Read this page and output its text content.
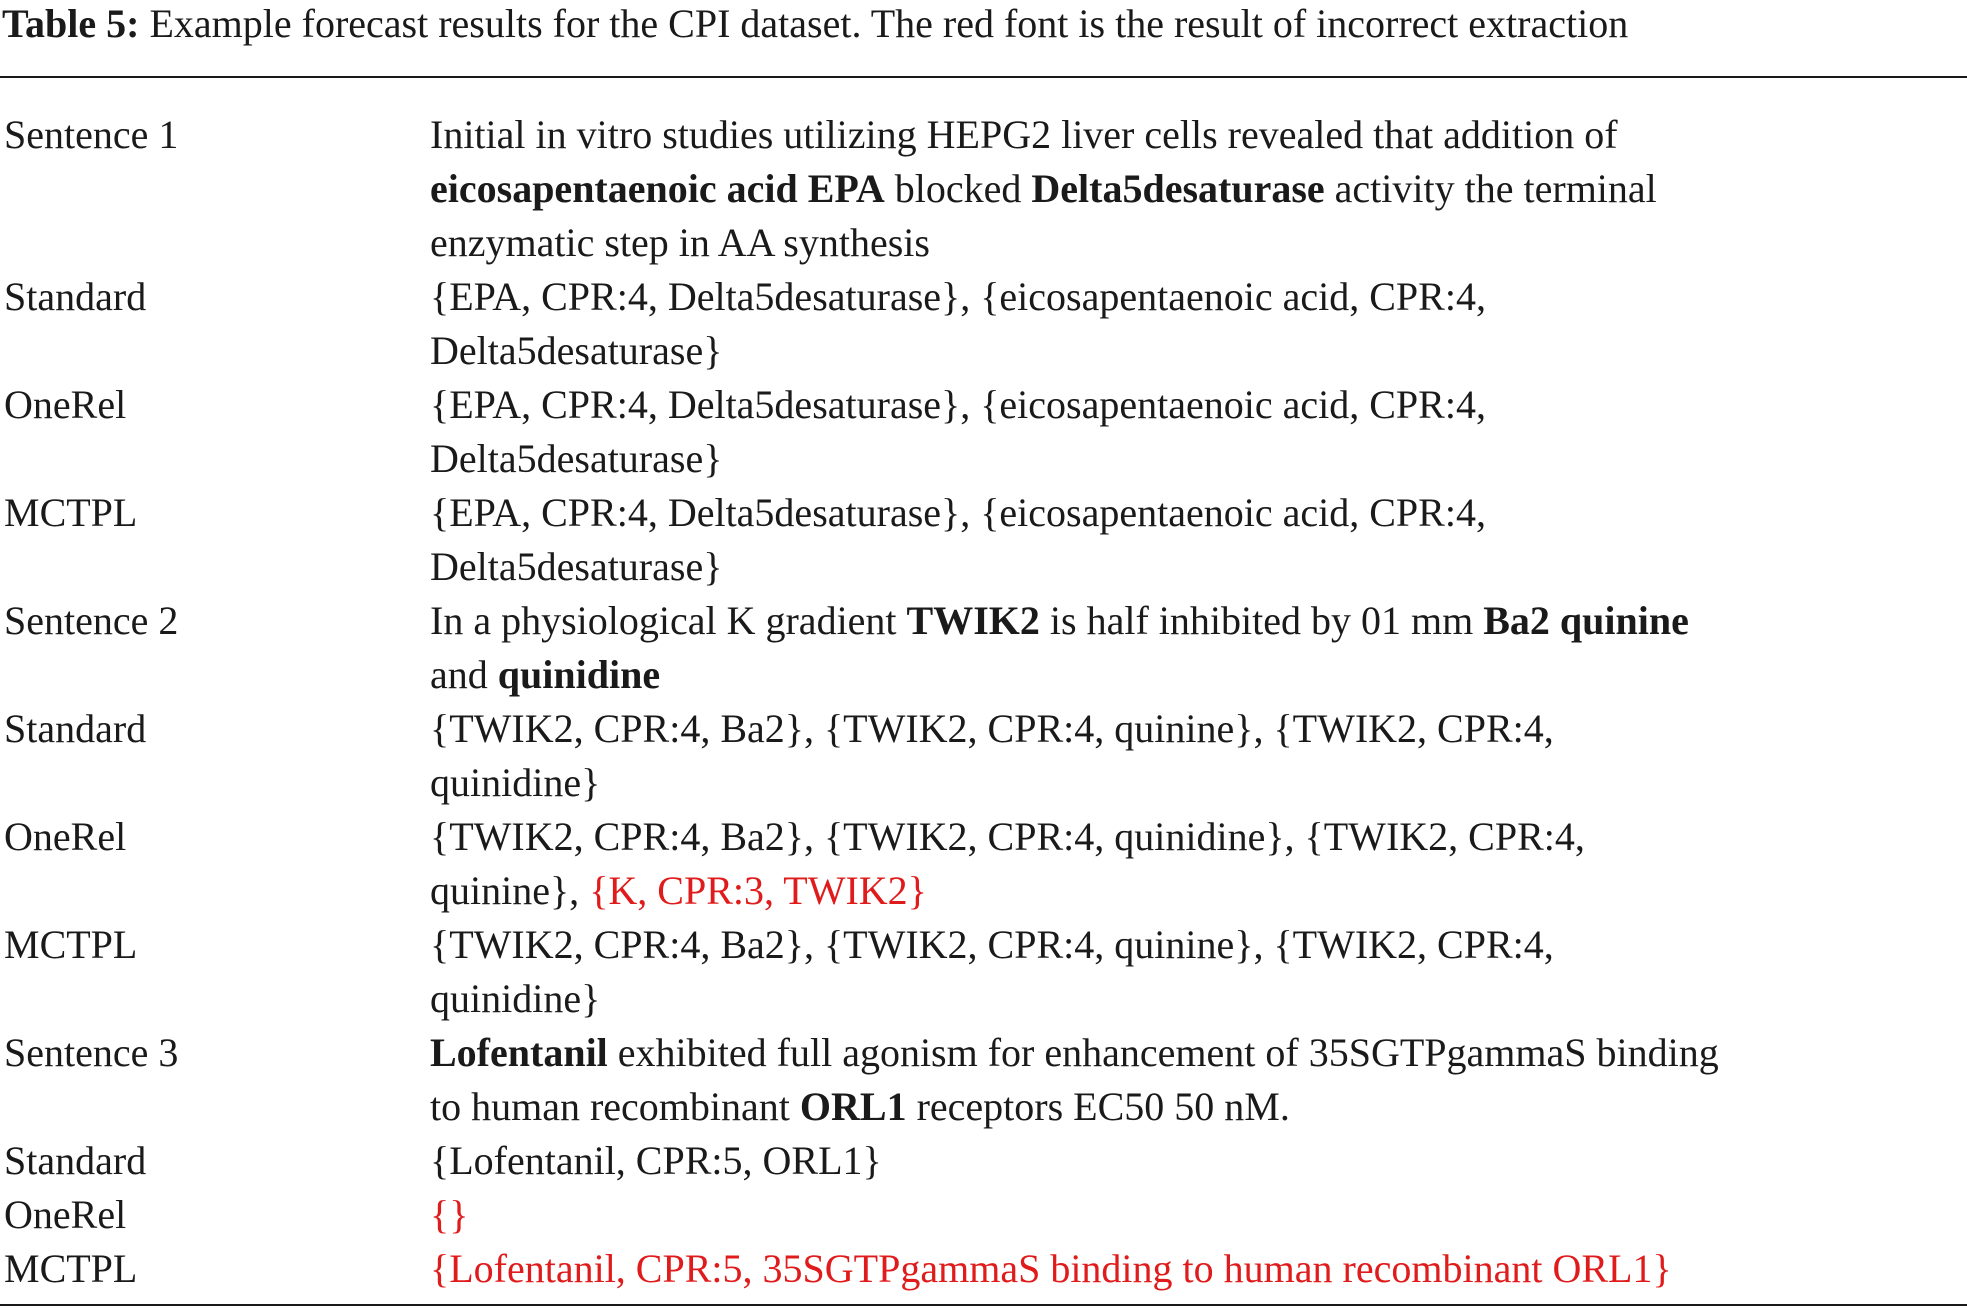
Table 5: Example forecast results for the CPI dataset. The red font is the result of incorrect extraction
Sentence 1	Initial in vitro studies utilizing HEPG2 liver cells revealed that addition of
eicosapentaenoic acid EPA blocked Delta5desaturase activity the terminal
enzymatic step in AA synthesis
Standard	{EPA, CPR:4, Delta5desaturase}, {eicosapentaenoic acid, CPR:4,
Delta5desaturase}
OneRel	{EPA, CPR:4, Delta5desaturase}, {eicosapentaenoic acid, CPR:4,
Delta5desaturase}
MCTPL	{EPA, CPR:4, Delta5desaturase}, {eicosapentaenoic acid, CPR:4,
Delta5desaturase}
Sentence 2	In a physiological K gradient TWIK2 is half inhibited by 01 mm Ba2 quinine
and quinidine
Standard	{TWIK2, CPR:4, Ba2}, {TWIK2, CPR:4, quinine}, {TWIK2, CPR:4,
quinidine}
OneRel	{TWIK2, CPR:4, Ba2}, {TWIK2, CPR:4, quinidine}, {TWIK2, CPR:4,
quinine}, {K, CPR:3, TWIK2}
MCTPL	{TWIK2, CPR:4, Ba2}, {TWIK2, CPR:4, quinine}, {TWIK2, CPR:4,
quinidine}
Sentence 3	Lofentanil exhibited full agonism for enhancement of 35SGTPgammaS binding
to human recombinant ORL1 receptors EC50 50 nM.
Standard	{Lofentanil, CPR:5, ORL1}
OneRel	{}
MCTPL	{Lofentanil, CPR:5, 35SGTPgammaS binding to human recombinant ORL1}
